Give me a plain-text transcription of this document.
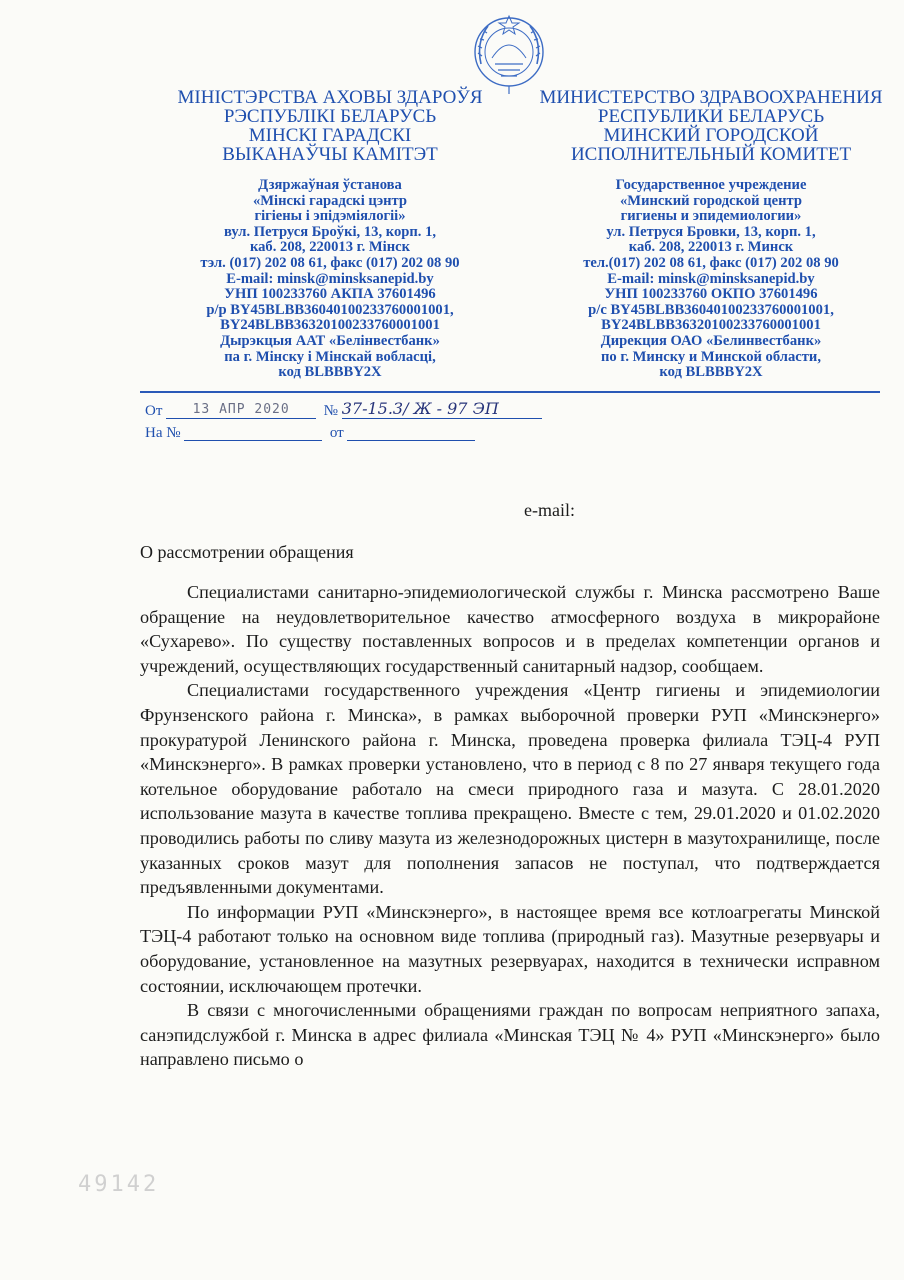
МІНІСТЭРСТВА АХОВЫ ЗДАРОЎЯ
РЭСПУБЛІКІ БЕЛАРУСЬ
МІНСКІ ГАРАДСКІ
ВЫКАНАЎЧЫ КАМІТЭТ
Дзяржаўная ўстанова
«Мінскі гарадскі цэнтр
гігіены і эпідэміялогіі»
вул. Петруся Броўкі, 13, корп. 1,
каб. 208, 220013 г. Мінск
тэл. (017) 202 08 61, факс (017) 202 08 90
E-mail: minsk@minsksanepid.by
УНП 100233760 АКПА 37601496
р/р BY45BLBB36040100233760001001,
BY24BLBB36320100233760001001
Дырэкцыя ААТ «Белінвестбанк»
па г. Мінску і Мінскай вобласці,
код BLBBBY2X
МИНИСТЕРСТВО ЗДРАВООХРАНЕНИЯ
РЕСПУБЛИКИ БЕЛАРУСЬ
МИНСКИЙ ГОРОДСКОЙ
ИСПОЛНИТЕЛЬНЫЙ КОМИТЕТ
Государственное учреждение
«Минский городской центр
гигиены и эпидемиологии»
ул. Петруся Бровки, 13, корп. 1,
каб. 208, 220013 г. Минск
тел.(017) 202 08 61, факс (017) 202 08 90
E-mail: minsk@minsksanepid.by
УНП 100233760 ОКПО 37601496
р/с BY45BLBB36040100233760001001,
BY24BLBB36320100233760001001
Дирекция ОАО «Белинвестбанк»
по г. Минску и Минской области,
код BLBBBY2X
От 13 АПР 2020 № 37-15.3/ Ж - 97 ЭП
На №	от
e-mail:
О рассмотрении обращения

Специалистами санитарно-эпидемиологической службы г. Минска рассмотрено Ваше обращение на неудовлетворительное качество атмосферного воздуха в микрорайоне «Сухарево». По существу поставленных вопросов и в пределах компетенции органов и учреждений, осуществляющих государственный санитарный надзор, сообщаем.

Специалистами государственного учреждения «Центр гигиены и эпидемиологии Фрунзенского района г. Минска», в рамках выборочной проверки РУП «Минскэнерго» прокуратурой Ленинского района г. Минска, проведена проверка филиала ТЭЦ-4 РУП «Минскэнерго». В рамках проверки установлено, что в период с 8 по 27 января текущего года котельное оборудование работало на смеси природного газа и мазута. С 28.01.2020 использование мазута в качестве топлива прекращено. Вместе с тем, 29.01.2020 и 01.02.2020 проводились работы по сливу мазута из железнодорожных цистерн в мазутохранилище, после указанных сроков мазут для пополнения запасов не поступал, что подтверждается предъявленными документами.

По информации РУП «Минскэнерго», в настоящее время все котлоагрегаты Минской ТЭЦ-4 работают только на основном виде топлива (природный газ). Мазутные резервуары и оборудование, установленное на мазутных резервуарах, находится в технически исправном состоянии, исключающем протечки.

В связи с многочисленными обращениями граждан по вопросам неприятного запаха, санэпидслужбой г. Минска в адрес филиала «Минская ТЭЦ № 4» РУП «Минскэнерго» было направлено письмо о

49142
